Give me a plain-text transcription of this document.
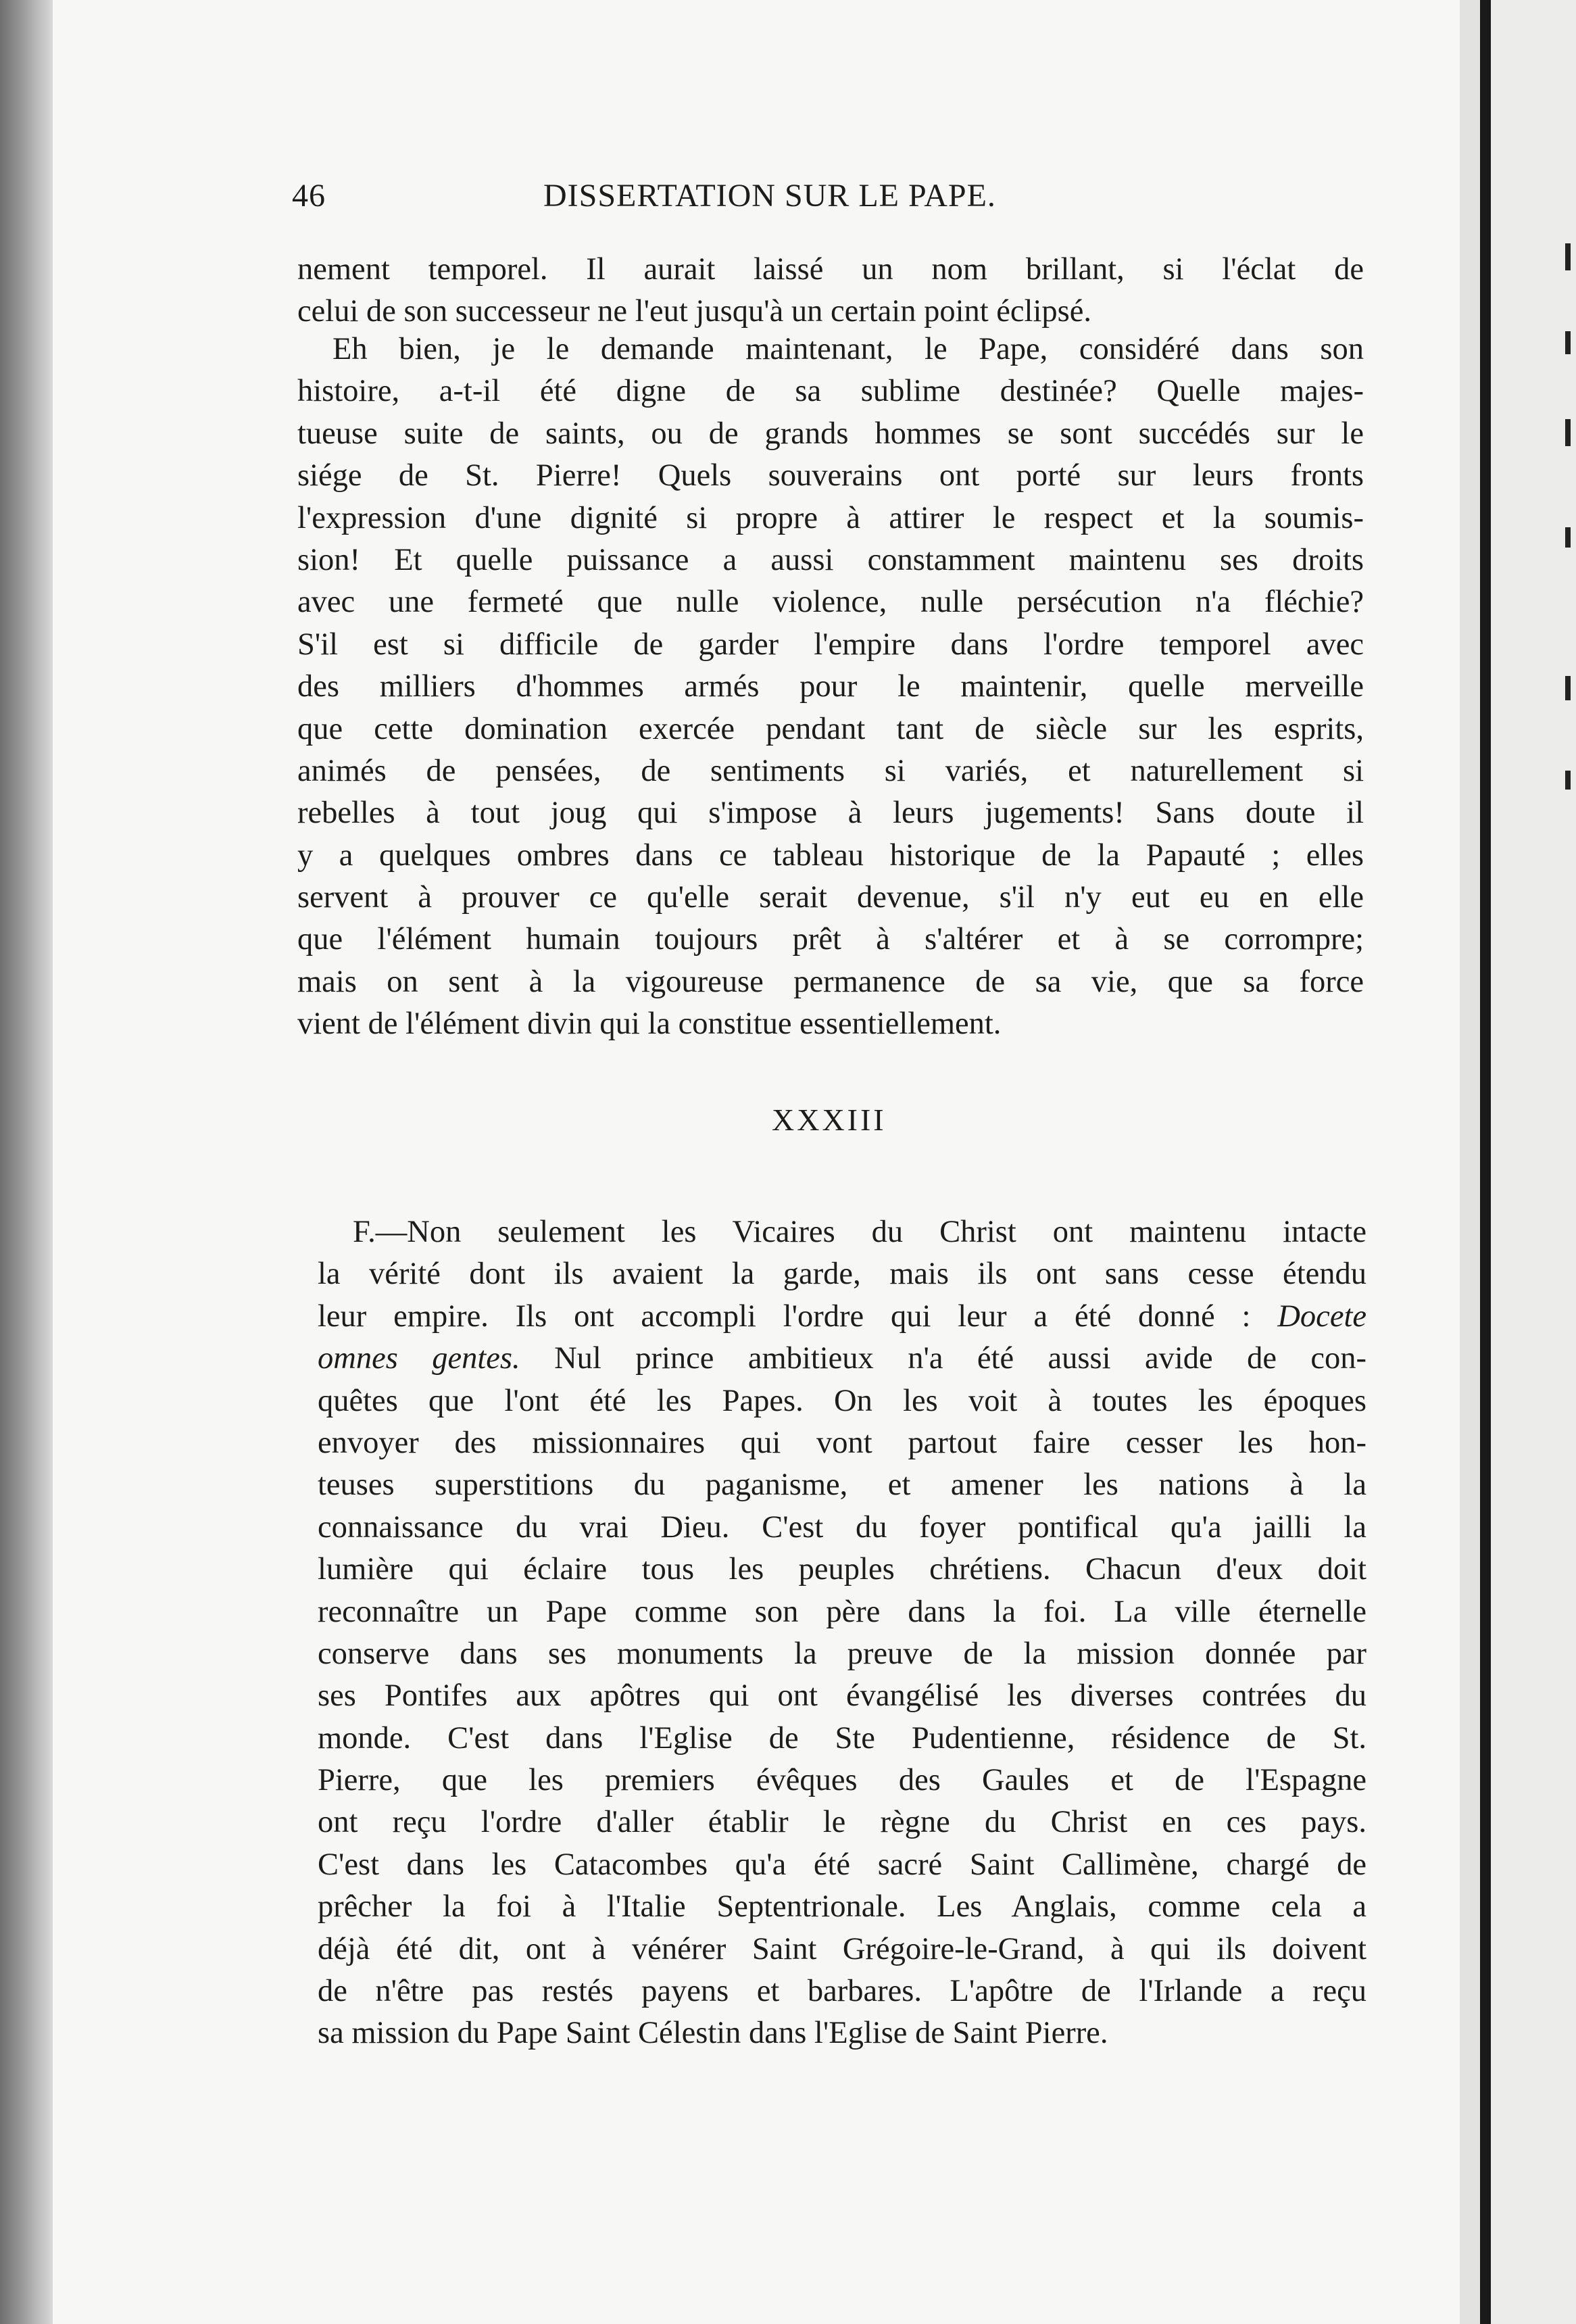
46	DISSERTATION SUR LE PAPE.
nement temporel. Il aurait laissé un nom brillant, si l'éclat de
celui de son successeur ne l'eut jusqu'à un certain point éclipsé.
Eh bien, je le demande maintenant, le Pape, considéré dans son
histoire, a-t-il été digne de sa sublime destinée? Quelle majes-
tueuse suite de saints, ou de grands hommes se sont succédés sur le
siége de St. Pierre! Quels souverains ont porté sur leurs fronts
l'expression d'une dignité si propre à attirer le respect et la soumis-
sion! Et quelle puissance a aussi constamment maintenu ses droits
avec une fermeté que nulle violence, nulle persécution n'a fléchie?
S'il est si difficile de garder l'empire dans l'ordre temporel avec
des milliers d'hommes armés pour le maintenir, quelle merveille
que cette domination exercée pendant tant de siècle sur les esprits,
animés de pensées, de sentiments si variés, et naturellement si
rebelles à tout joug qui s'impose à leurs jugements! Sans doute il
y a quelques ombres dans ce tableau historique de la Papauté ; elles
servent à prouver ce qu'elle serait devenue, s'il n'y eut eu en elle
que l'élément humain toujours prêt à s'altérer et à se corrompre;
mais on sent à la vigoureuse permanence de sa vie, que sa force
vient de l'élément divin qui la constitue essentiellement.
XXXIII
F.—Non seulement les Vicaires du Christ ont maintenu intacte
la vérité dont ils avaient la garde, mais ils ont sans cesse étendu
leur empire. Ils ont accompli l'ordre qui leur a été donné : Docete
omnes gentes. Nul prince ambitieux n'a été aussi avide de con-
quêtes que l'ont été les Papes. On les voit à toutes les époques
envoyer des missionnaires qui vont partout faire cesser les hon-
teuses superstitions du paganisme, et amener les nations à la
connaissance du vrai Dieu. C'est du foyer pontifical qu'a jailli la
lumière qui éclaire tous les peuples chrétiens. Chacun d'eux doit
reconnaître un Pape comme son père dans la foi. La ville éternelle
conserve dans ses monuments la preuve de la mission donnée par
ses Pontifes aux apôtres qui ont évangélisé les diverses contrées du
monde. C'est dans l'Eglise de Ste Pudentienne, résidence de St.
Pierre, que les premiers évêques des Gaules et de l'Espagne
ont reçu l'ordre d'aller établir le règne du Christ en ces pays.
C'est dans les Catacombes qu'a été sacré Saint Callimène, chargé de
prêcher la foi à l'Italie Septentrionale. Les Anglais, comme cela a
déjà été dit, ont à vénérer Saint Grégoire-le-Grand, à qui ils doivent
de n'être pas restés payens et barbares. L'apôtre de l'Irlande a reçu
sa mission du Pape Saint Célestin dans l'Eglise de Saint Pierre.
